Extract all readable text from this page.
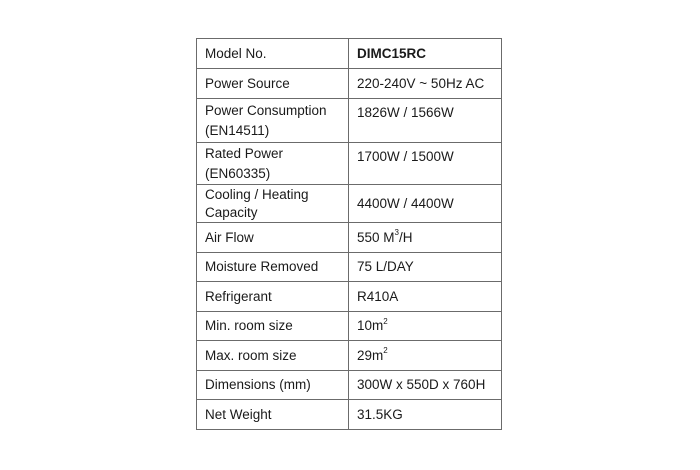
Model No.	DIMC15RC
Power Source	220-240V ~ 50Hz AC
Power Consumption
(EN14511)	1826W / 1566W
Rated Power
(EN60335)	1700W / 1500W
Cooling / Heating
Capacity	4400W / 4400W
Air Flow	550 $M^3/H$
Moisture Removed	75 L/DAY
Refrigerant	R410A
Min. room size	$10m^2$
Max. room size	$29m^2$
Dimensions (mm)	300W x 550D x 760H
Net Weight	31.5KG
